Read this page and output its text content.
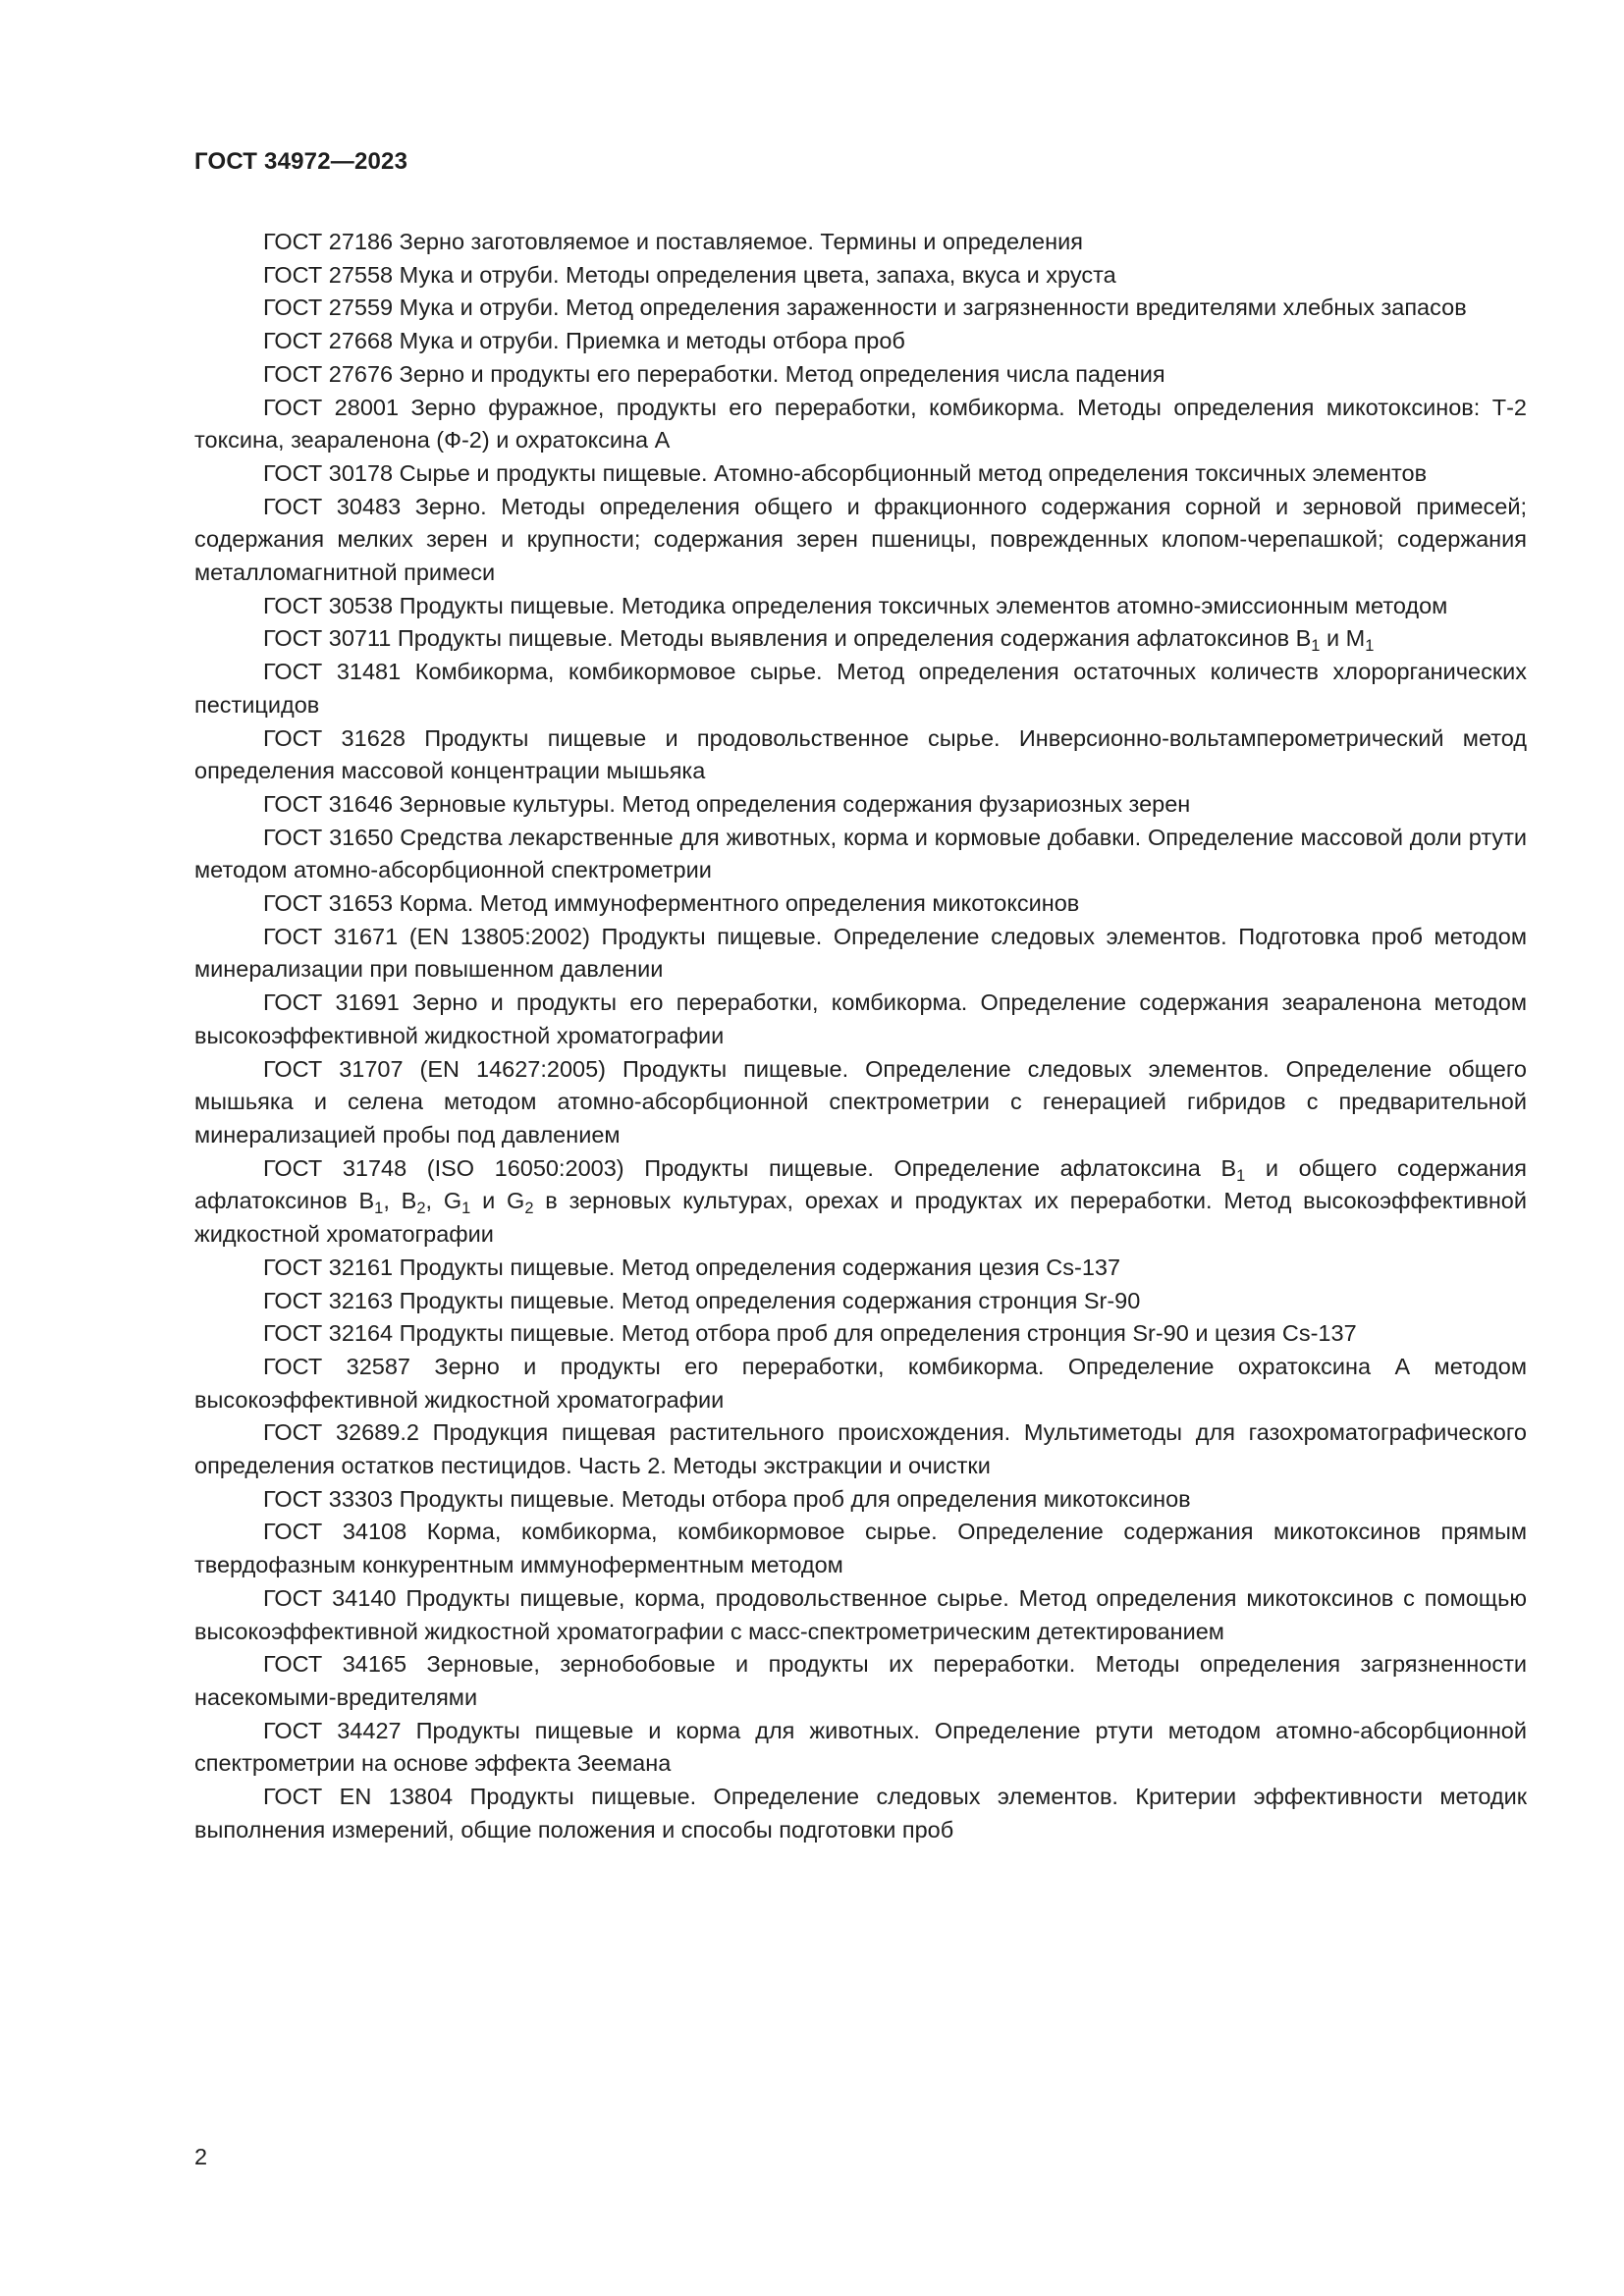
ГОСТ 34972—2023

ГОСТ 27186 Зерно заготовляемое и поставляемое. Термины и определения

ГОСТ 27558 Мука и отруби. Методы определения цвета, запаха, вкуса и хруста

ГОСТ 27559 Мука и отруби. Метод определения зараженности и загрязненности вредителями хлебных запасов

ГОСТ 27668 Мука и отруби. Приемка и методы отбора проб

ГОСТ 27676 Зерно и продукты его переработки. Метод определения числа падения

ГОСТ 28001 Зерно фуражное, продукты его переработки, комбикорма. Методы определения микотоксинов: Т-2 токсина, зеараленона (Ф-2) и охратоксина А

ГОСТ 30178 Сырье и продукты пищевые. Атомно-абсорбционный метод определения токсичных элементов

ГОСТ 30483 Зерно. Методы определения общего и фракционного содержания сорной и зерновой примесей; содержания мелких зерен и крупности; содержания зерен пшеницы, поврежденных клопом-черепашкой; содержания металломагнитной примеси

ГОСТ 30538 Продукты пищевые. Методика определения токсичных элементов атомно-эмиссионным методом

ГОСТ 30711 Продукты пищевые. Методы выявления и определения содержания афлатоксинов $В_1$ и $М_1$

ГОСТ 31481 Комбикорма, комбикормовое сырье. Метод определения остаточных количеств хлорорганических пестицидов

ГОСТ 31628 Продукты пищевые и продовольственное сырье. Инверсионно-вольтамперометрический метод определения массовой концентрации мышьяка

ГОСТ 31646 Зерновые культуры. Метод определения содержания фузариозных зерен

ГОСТ 31650 Средства лекарственные для животных, корма и кормовые добавки. Определение массовой доли ртути методом атомно-абсорбционной спектрометрии

ГОСТ 31653 Корма. Метод иммуноферментного определения микотоксинов

ГОСТ 31671 (EN 13805:2002) Продукты пищевые. Определение следовых элементов. Подготовка проб методом минерализации при повышенном давлении

ГОСТ 31691 Зерно и продукты его переработки, комбикорма. Определение содержания зеараленона методом высокоэффективной жидкостной хроматографии

ГОСТ 31707 (EN 14627:2005) Продукты пищевые. Определение следовых элементов. Определение общего мышьяка и селена методом атомно-абсорбционной спектрометрии с генерацией гибридов с предварительной минерализацией пробы под давлением

ГОСТ 31748 (ISO 16050:2003) Продукты пищевые. Определение афлатоксина $В_1$ и общего содержания афлатоксинов $В_1$, $В_2$, $G_1$ и $G_2$ в зерновых культурах, орехах и продуктах их переработки. Метод высокоэффективной жидкостной хроматографии

ГОСТ 32161 Продукты пищевые. Метод определения содержания цезия Cs-137

ГОСТ 32163 Продукты пищевые. Метод определения содержания стронция Sr-90

ГОСТ 32164 Продукты пищевые. Метод отбора проб для определения стронция Sr-90 и цезия Cs-137

ГОСТ 32587 Зерно и продукты его переработки, комбикорма. Определение охратоксина А методом высокоэффективной жидкостной хроматографии

ГОСТ 32689.2 Продукция пищевая растительного происхождения. Мультиметоды для газохроматографического определения остатков пестицидов. Часть 2. Методы экстракции и очистки

ГОСТ 33303 Продукты пищевые. Методы отбора проб для определения микотоксинов

ГОСТ 34108 Корма, комбикорма, комбикормовое сырье. Определение содержания микотоксинов прямым твердофазным конкурентным иммуноферментным методом

ГОСТ 34140 Продукты пищевые, корма, продовольственное сырье. Метод определения микотоксинов с помощью высокоэффективной жидкостной хроматографии с масс-спектрометрическим детектированием

ГОСТ 34165 Зерновые, зернобобовые и продукты их переработки. Методы определения загрязненности насекомыми-вредителями

ГОСТ 34427 Продукты пищевые и корма для животных. Определение ртути методом атомно-абсорбционной спектрометрии на основе эффекта Зеемана

ГОСТ EN 13804 Продукты пищевые. Определение следовых элементов. Критерии эффективности методик выполнения измерений, общие положения и способы подготовки проб

2
